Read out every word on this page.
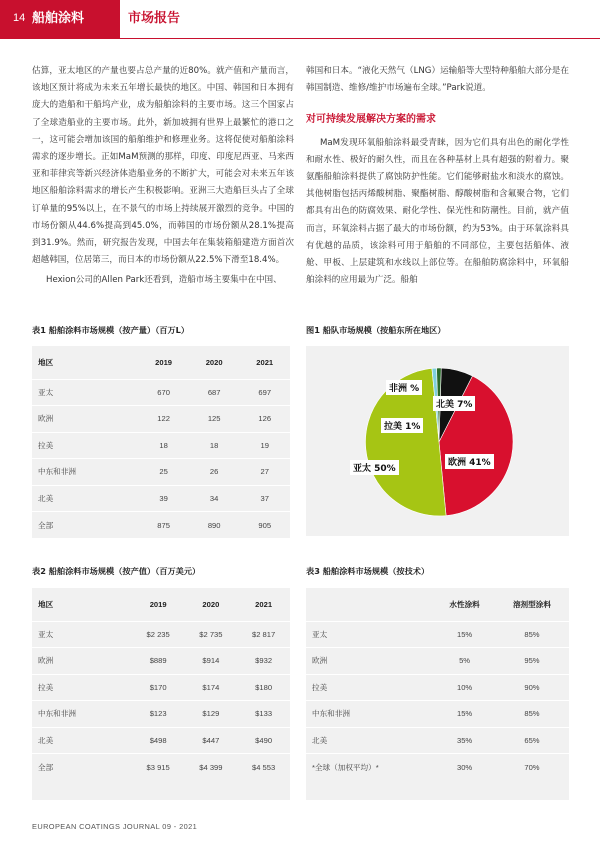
船舶涂料
14	市场报告

估算，亚太地区的产量也要占总产量的近80%。就产值和产量而言，该地区预计将成为未来五年增长最快的地区。中国、韩国和日本拥有庞大的造船和干船坞产业，成为船舶涂料的主要市场。这三个国家占了全球造船业的主要市场。此外，新加坡拥有世界上最繁忙的港口之一，这可能会增加该国的船舶维护和修理业务。这将促使对船舶涂料需求的逐步增长。正如MaM预测的那样，印度、印度尼西亚、马来西亚和菲律宾等新兴经济体造船业务的不断扩大，可能会对未来五年该地区船舶涂料需求的增长产生积极影响。亚洲三大造船巨头占了全球订单量的95%以上，在不景气的市场上持续展开激烈的竞争。中国的市场份额从44.6%提高到45.0%，而韩国的市场份额从28.1%提高到31.9%。然而，研究报告发现，中国去年在集装箱船建造方面首次超越韩国，位居第三，而日本的市场份额从22.5%下滑至18.4%。

Hexion公司的Allen Park还看到，造船市场主要集中在中国、

韩国和日本。“液化天然气（LNG）运输船等大型特种船舶大部分是在韩国制造、维修/维护市场遍布全球。”Park说道。

对可持续发展解决方案的需求

MaM发现环氧船舶涂料最受青睐，因为它们具有出色的耐化学性和耐水性、极好的耐久性，而且在各种基材上具有超强的附着力。聚氨酯船舶涂料提供了腐蚀防护性能。它们能够耐盐水和淡水的腐蚀。其他树脂包括丙烯酸树脂、聚酯树脂、醇酸树脂和含氟聚合物，它们都具有出色的防腐效果、耐化学性、保光性和防潮性。目前，就产值而言，环氧涂料占据了最大的市场份额，约为53%。由于环氧涂料具有优越的品质，该涂料可用于船舶的不同部位，主要包括船体、液舱、甲板、上层建筑和水线以上部位等。在船舶防腐涂料中，环氧船舶涂料的应用最为广泛。船舶

表1 船舶涂料市场规模（按产量）（百万L）
地区	2019	2020	2021
亚太	670	687	697
欧洲	122	125	126
拉美	18	18	19
中东和非洲	25	26	27
北美	39	34	37
全部	875	890	905
图1 船队市场规模（按船东所在地区）
非洲 %
北美 7%
拉美 1%
欧洲 41%
亚太 50%
表2 船舶涂料市场规模（按产值）（百万美元）
地区	2019	2020	2021
亚太	$2 235	$2 735	$2 817
欧洲	$889	$914	$932
拉美	$170	$174	$180
中东和非洲	$123	$129	$133
北美	$498	$447	$490
全部	$3 915	$4 399	$4 553
表3 船舶涂料市场规模（按技术）
	水性涂料	溶剂型涂料
亚太	15%	85%
欧洲	5%	95%
拉美	10%	90%
中东和非洲	15%	85%
北美	35%	65%
*全球（加权平均）*	30%	70%
EUROPEAN COATINGS JOURNAL 09 - 2021
